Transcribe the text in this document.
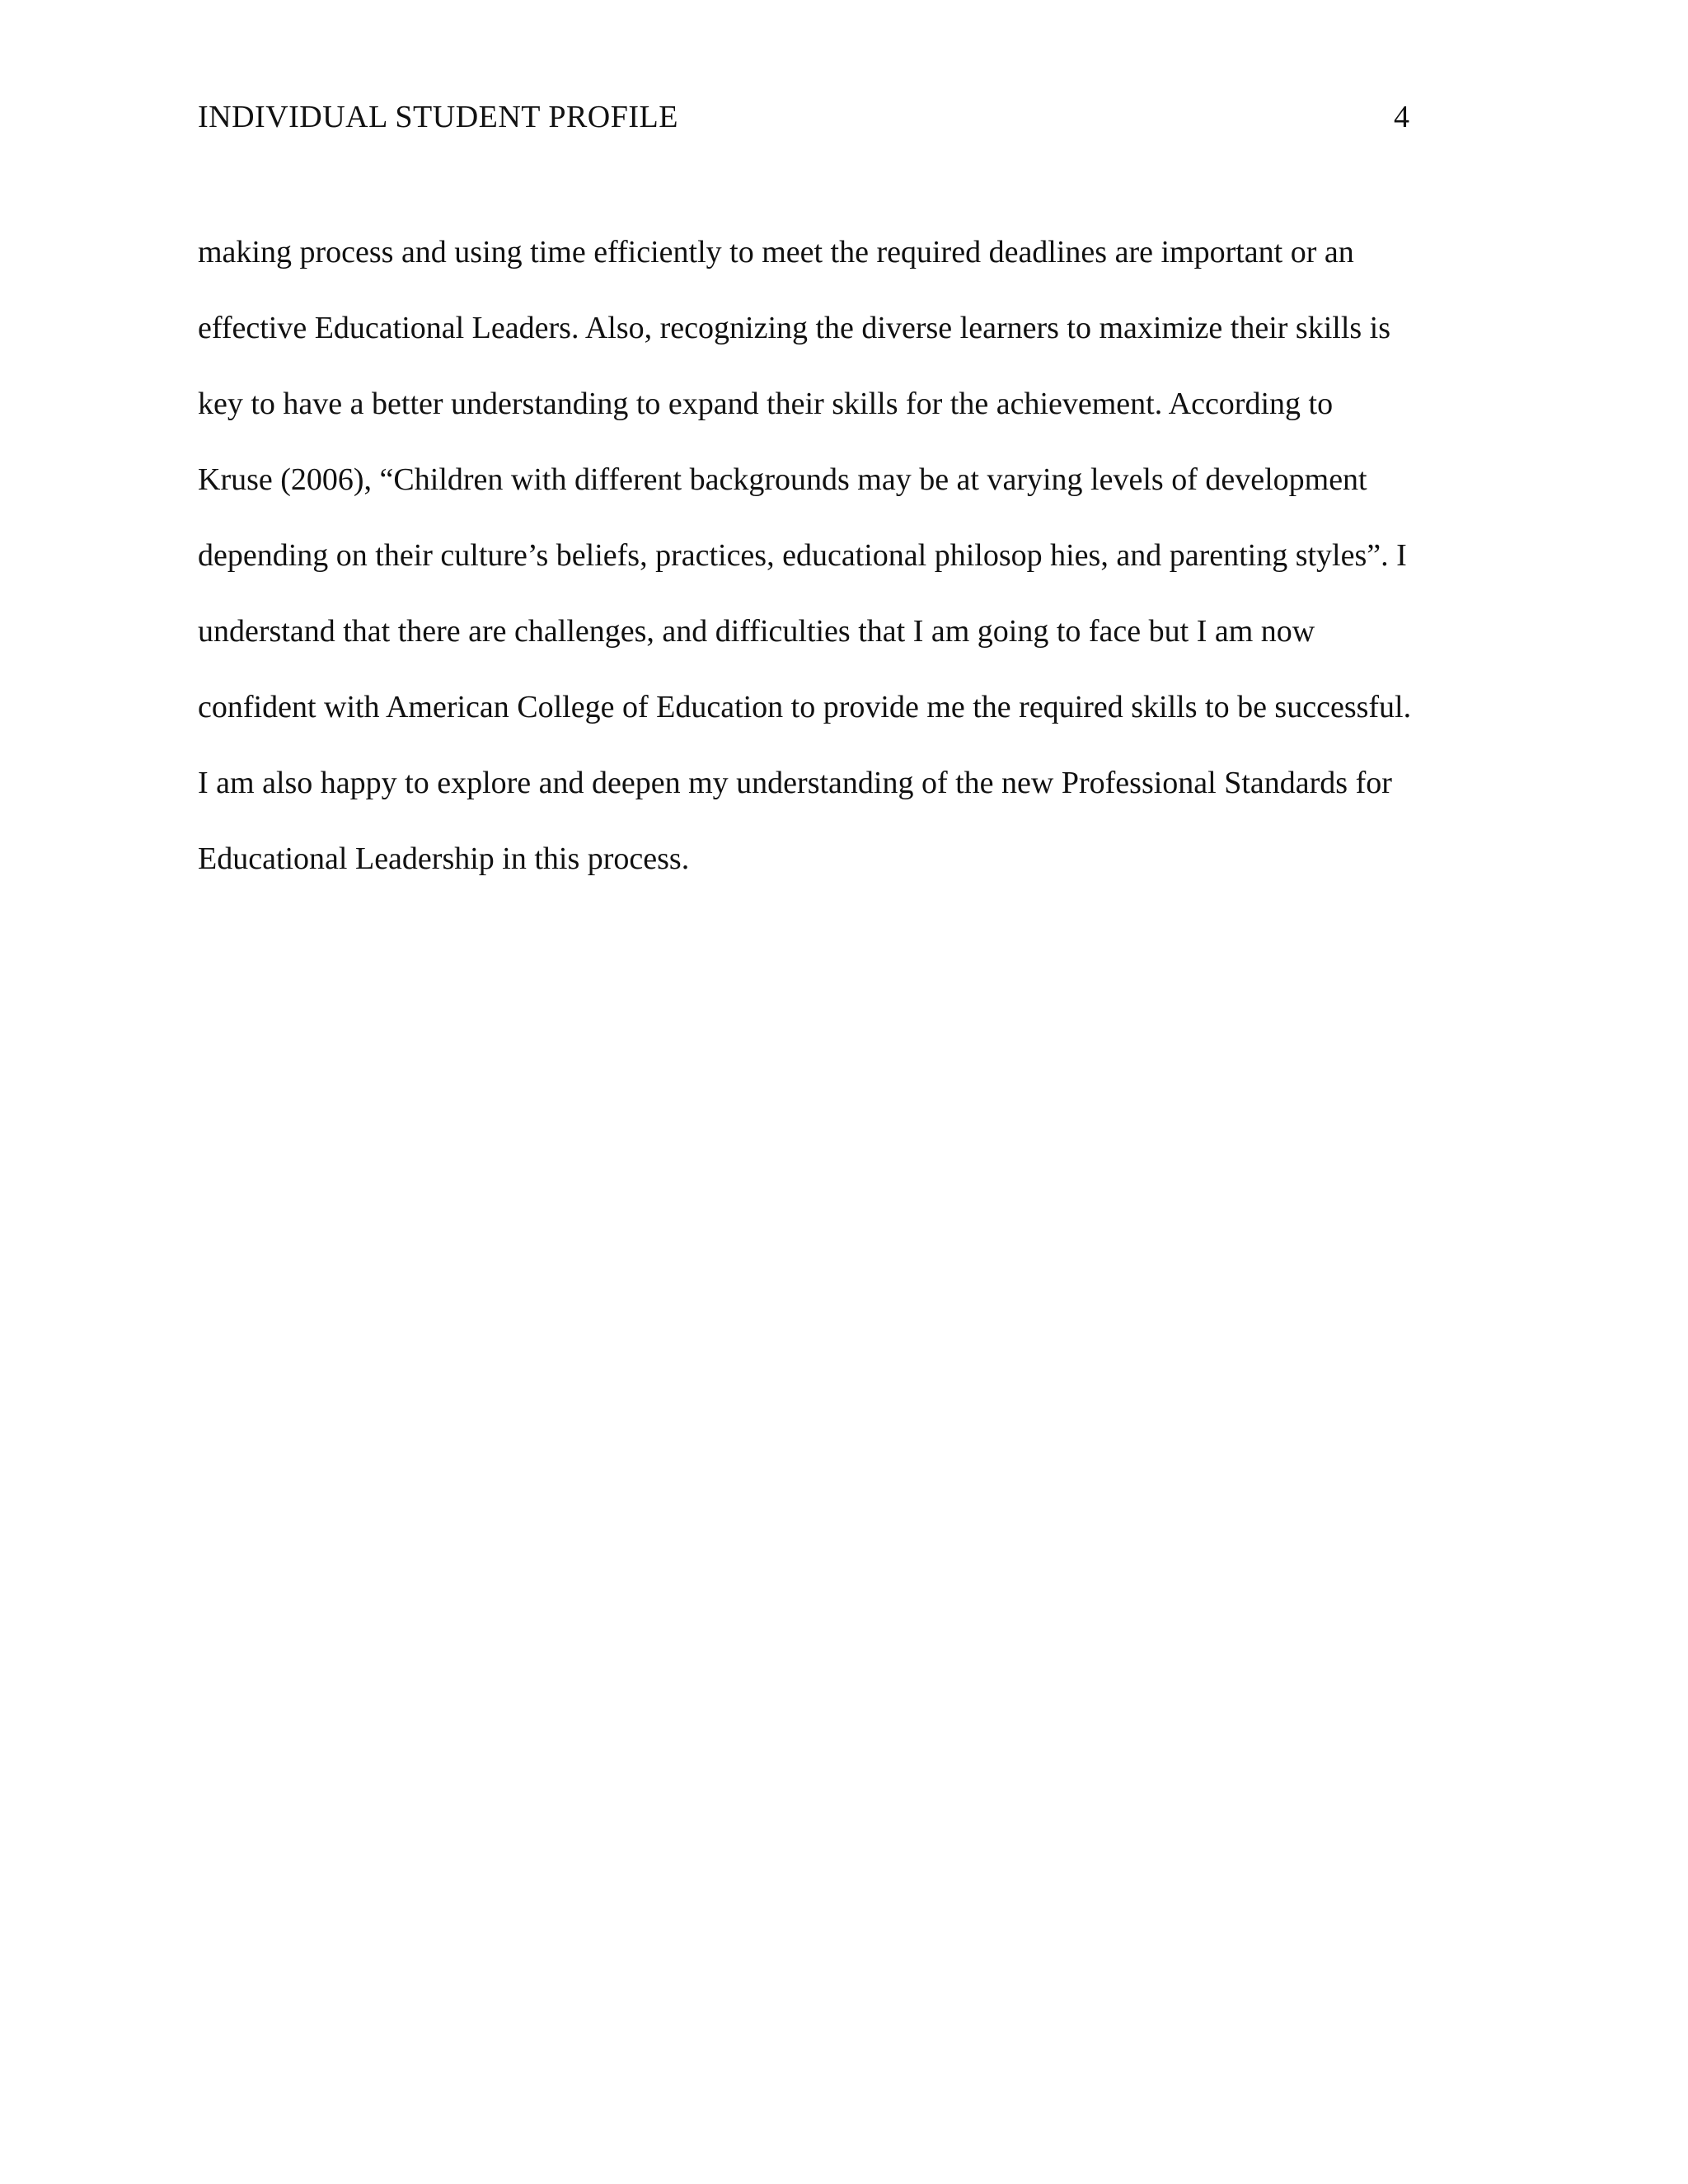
INDIVIDUAL STUDENT PROFILE	4
making process and using time efficiently to meet the required deadlines are important or an
effective Educational Leaders. Also, recognizing the diverse learners to maximize their skills is
key to have a better understanding to expand their skills for the achievement. According to
Kruse (2006), “Children with different backgrounds may be at varying levels of development
depending on their culture’s beliefs, practices, educational philosop hies, and parenting styles”. I
understand that there are challenges, and difficulties that I am going to face but I am now
confident with American College of Education to provide me the required skills to be successful.
I am also happy to explore and deepen my understanding of the new Professional Standards for
Educational Leadership in this process.
